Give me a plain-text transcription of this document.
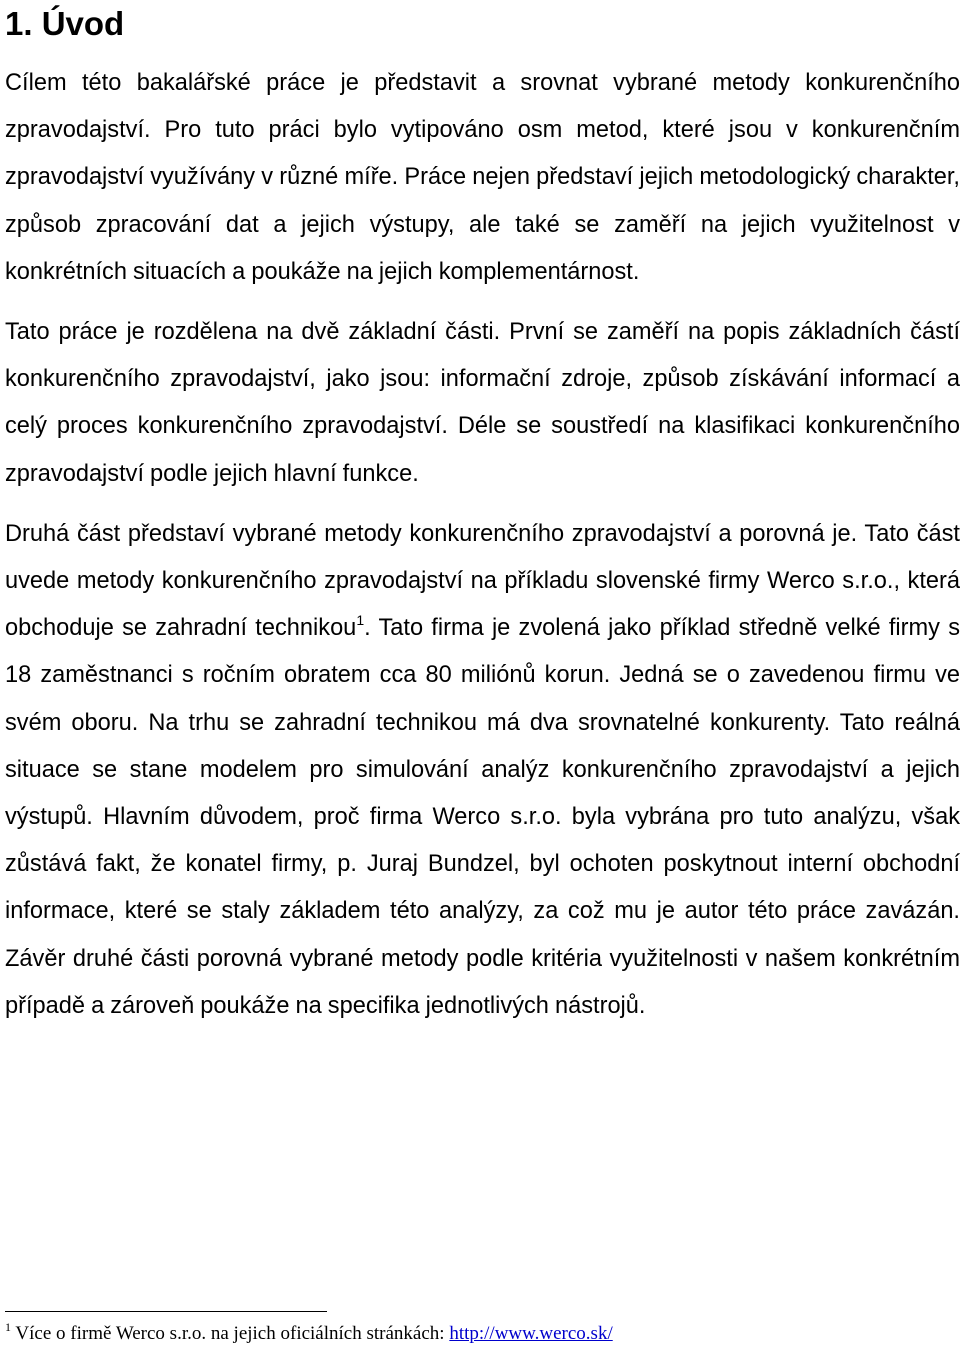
1. Úvod

Cílem této bakalářské práce je představit a srovnat vybrané metody konkurenčního zpravodajství. Pro tuto práci bylo vytipováno osm metod, které jsou v konkurenčním zpravodajství využívány v různé míře. Práce nejen představí jejich metodologický charakter, způsob zpracování dat a jejich výstupy, ale také se zaměří na jejich využitelnost v konkrétních situacích a poukáže na jejich komplementárnost.

Tato práce je rozdělena na dvě základní části. První se zaměří na popis základních částí konkurenčního zpravodajství, jako jsou: informační zdroje, způsob získávání informací a celý proces konkurenčního zpravodajství. Déle se soustředí na klasifikaci konkurenčního zpravodajství podle jejich hlavní funkce.

Druhá část představí vybrané metody konkurenčního zpravodajství a porovná je. Tato část uvede metody konkurenčního zpravodajství na příkladu slovenské firmy Werco s.r.o., která obchoduje se zahradní technikou$^1$. Tato firma je zvolená jako příklad středně velké firmy s 18 zaměstnanci s ročním obratem cca 80 miliónů korun. Jedná se o zavedenou firmu ve svém oboru. Na trhu se zahradní technikou má dva srovnatelné konkurenty. Tato reálná situace se stane modelem pro simulování analýz konkurenčního zpravodajství a jejich výstupů. Hlavním důvodem, proč firma Werco s.r.o. byla vybrána pro tuto analýzu, však zůstává fakt, že konatel firmy, p. Juraj Bundzel, byl ochoten poskytnout interní obchodní informace, které se staly základem této analýzy, za což mu je autor této práce zavázán. Závěr druhé části porovná vybrané metody podle kritéria využitelnosti v našem konkrétním případě a zároveň poukáže na specifika jednotlivých nástrojů.

$^1$ Více o firmě Werco s.r.o. na jejich oficiálních stránkách: http://www.werco.sk/
